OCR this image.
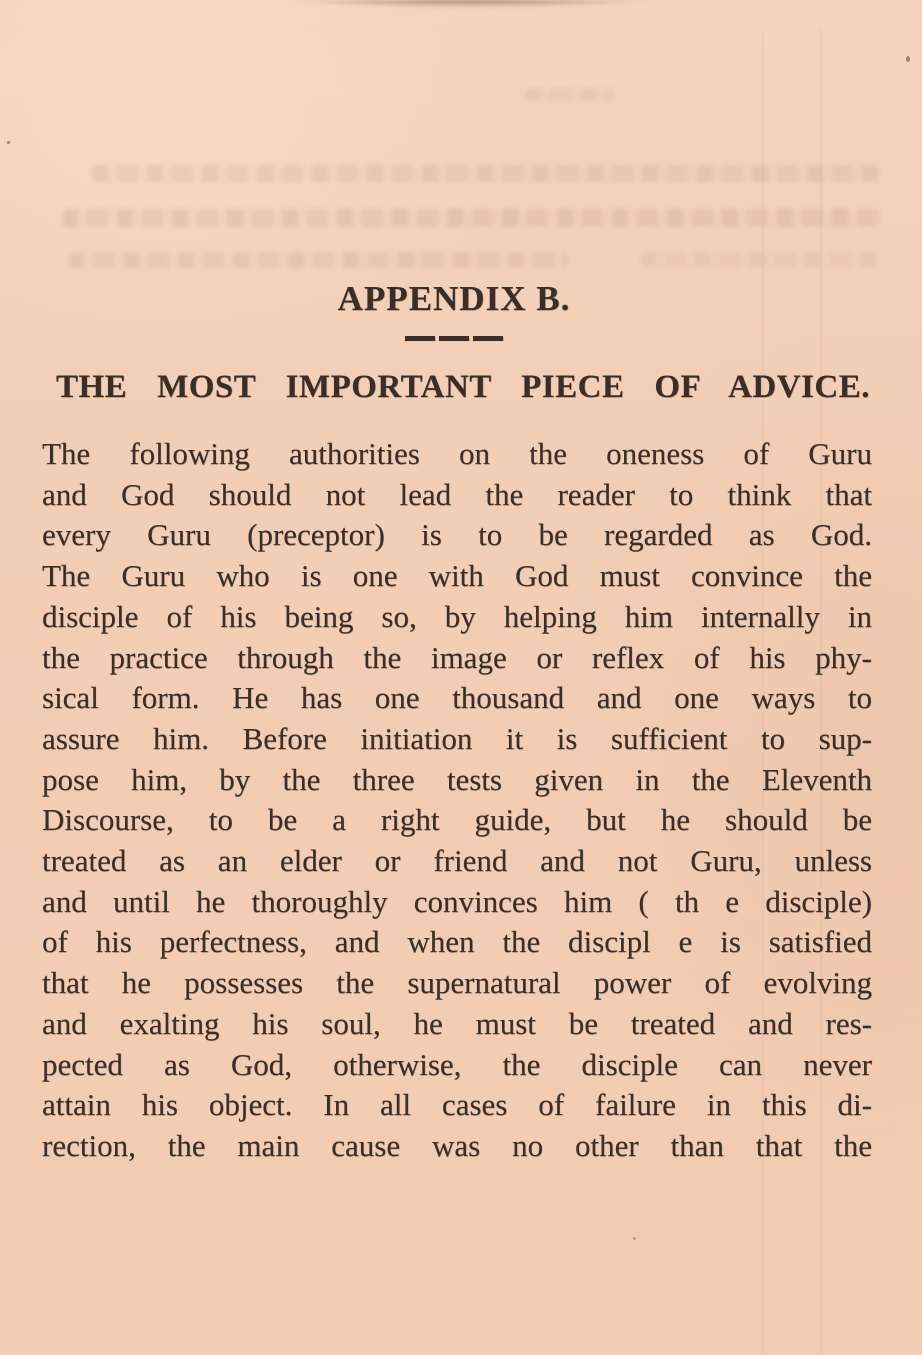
APPENDIX B.
THE MOST IMPORTANT PIECE OF ADVICE.
The following authorities on the oneness of Guru
and God should not lead the reader to think that
every Guru (preceptor) is to be regarded as God.
The Guru who is one with God must convince the
disciple of his being so, by helping him internally in
the practice through the image or reflex of his phy-
sical form. He has one thousand and one ways to
assure him. Before initiation it is sufficient to sup-
pose him, by the three tests given in the Eleventh
Discourse, to be a right guide, but he should be
treated as an elder or friend and not Guru, unless
and until he thoroughly convinces him ( th e disciple)
of his perfectness, and when the discipl e is satisfied
that he possesses the supernatural power of evolving
and exalting his soul, he must be treated and res-
pected as God, otherwise, the disciple can never
attain his object. In all cases of failure in this di-
rection, the main cause was no other than that the
